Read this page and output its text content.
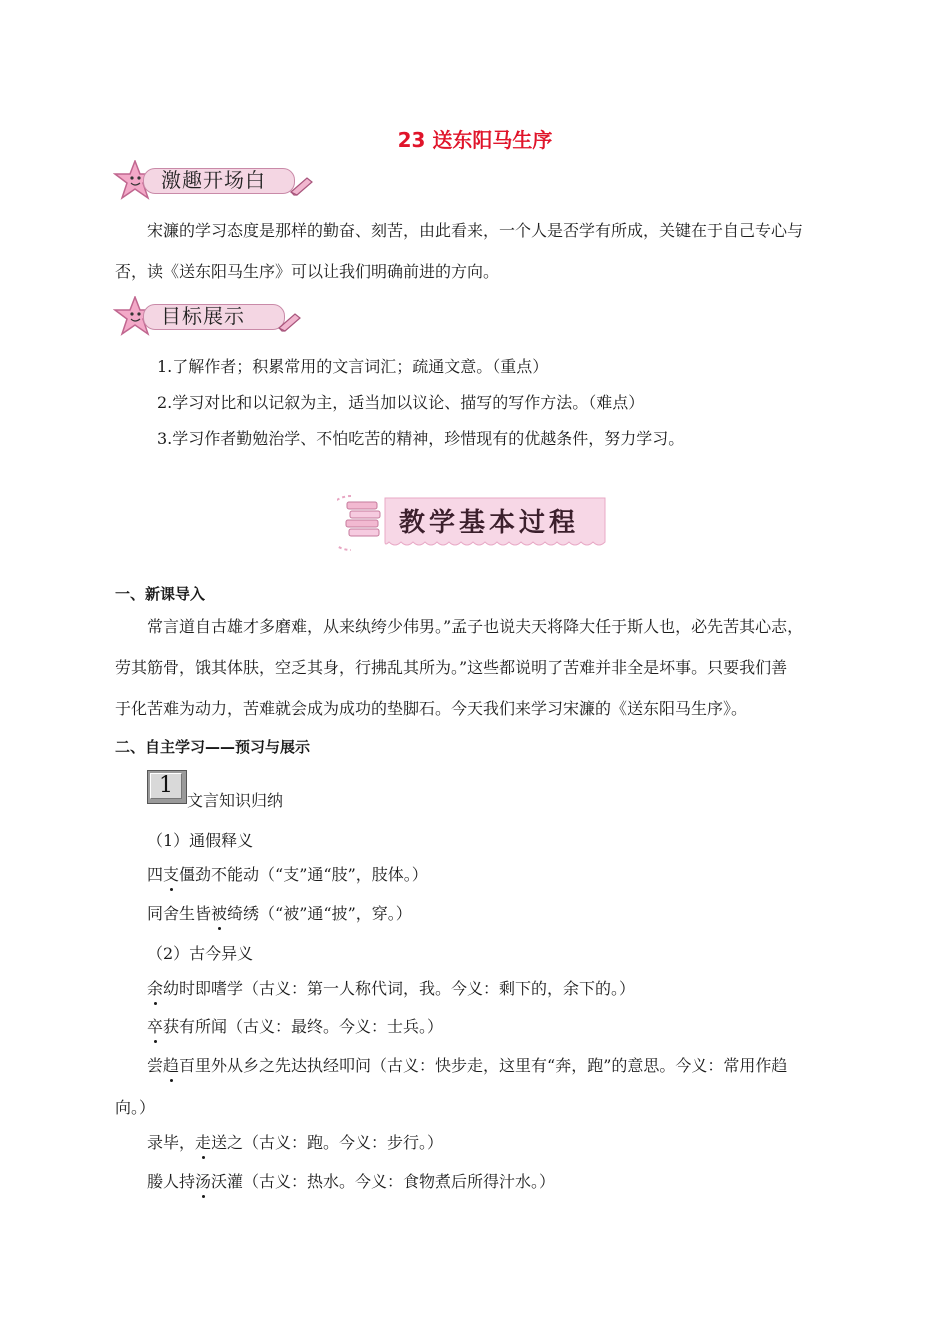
23 送东阳马生序
激趣开场白
宋濂的学习态度是那样的勤奋、刻苦，由此看来，一个人是否学有所成，关键在于自己专心与
否，读《送东阳马生序》可以让我们明确前进的方向。
目标展示
1.了解作者；积累常用的文言词汇；疏通文意。（重点）
2.学习对比和以记叙为主，适当加以议论、描写的写作方法。（难点）
3.学习作者勤勉治学、不怕吃苦的精神，珍惜现有的优越条件，努力学习。
教学基本过程
一、新课导入
常言道自古雄才多磨难，从来纨绔少伟男。”孟子也说夫天将降大任于斯人也，必先苦其心志，
劳其筋骨，饿其体肤，空乏其身，行拂乱其所为。”这些都说明了苦难并非全是坏事。只要我们善
于化苦难为动力，苦难就会成为成功的垫脚石。今天我们来学习宋濂的《送东阳马生序》。
二、自主学习——预习与展示
1
文言知识归纳
（1）通假释义
四支僵劲不能动（“支”通“肢”，肢体。）
同舍生皆被绮绣（“被”通“披”，穿。）
（2）古今异义
余幼时即嗜学（古义：第一人称代词，我。今义：剩下的，余下的。）
卒获有所闻（古义：最终。今义：士兵。）
尝趋百里外从乡之先达执经叩问（古义：快步走，这里有“奔，跑”的意思。今义：常用作趋
向。）
录毕，走送之（古义：跑。今义：步行。）
媵人持汤沃灌（古义：热水。今义：食物煮后所得汁水。）
